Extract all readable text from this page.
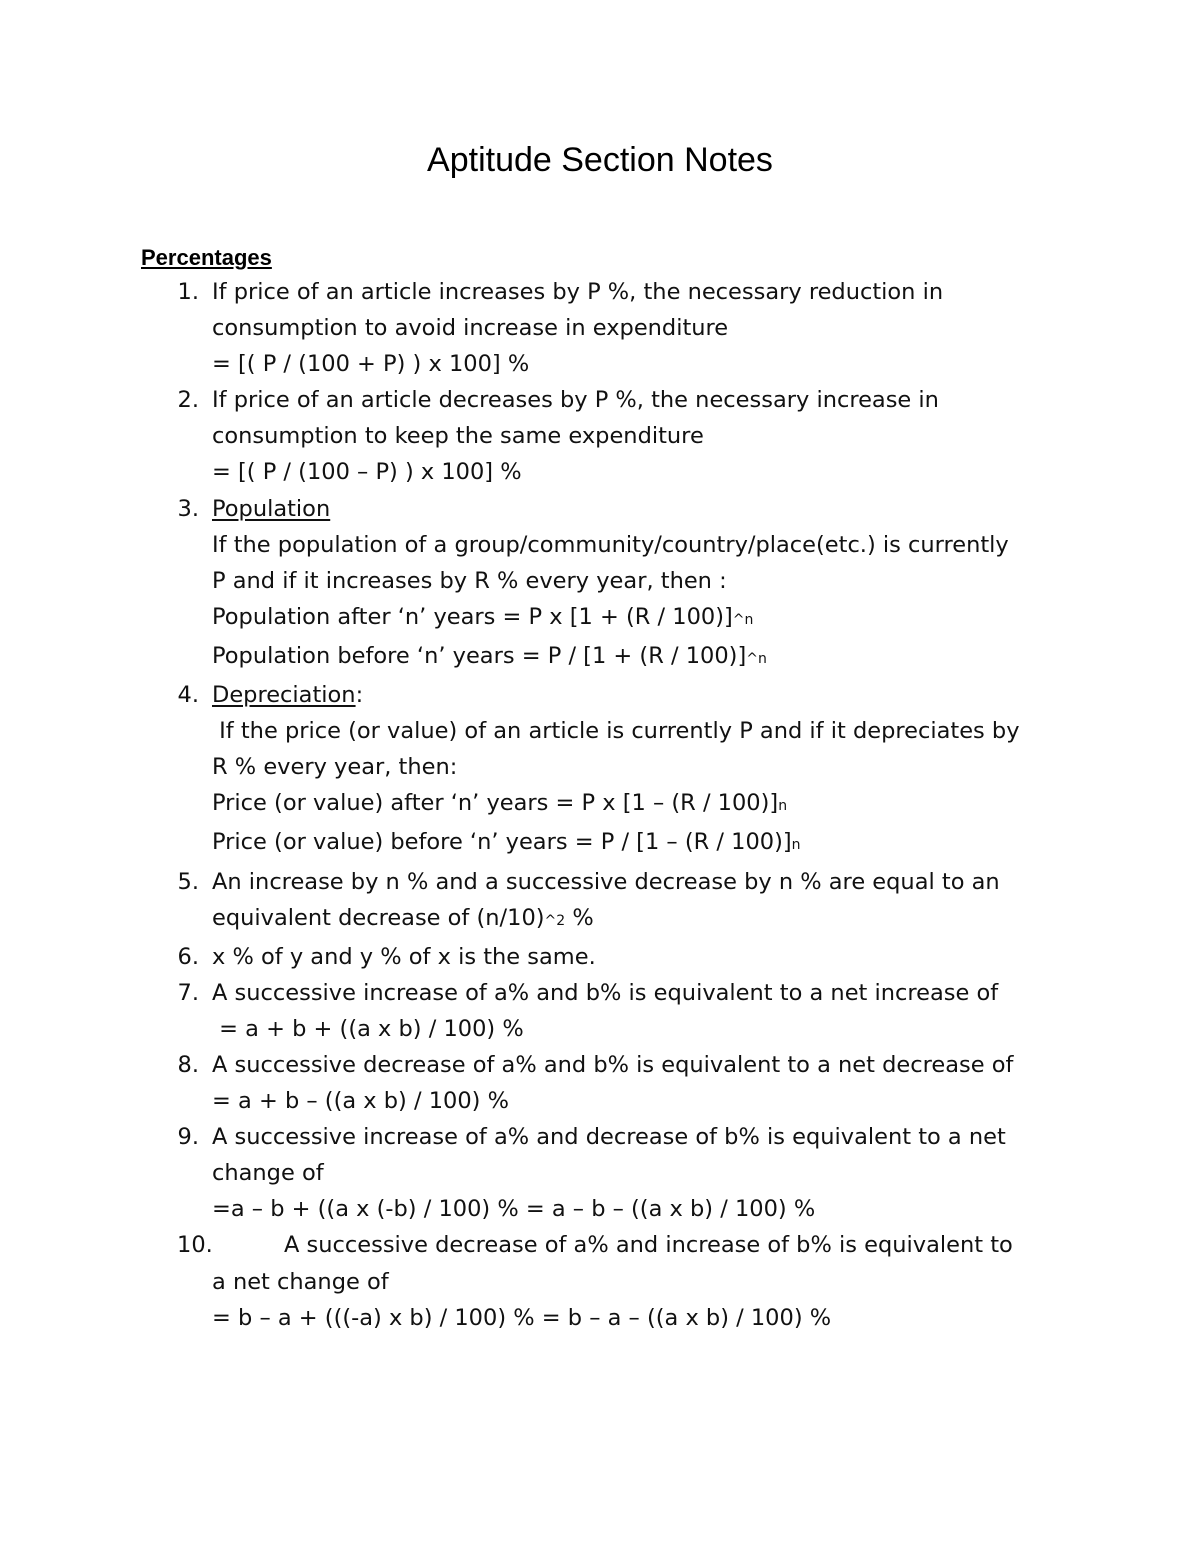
Aptitude Section Notes
Percentages
1. If price of an article increases by P %, the necessary reduction in
consumption to avoid increase in expenditure
= [( P / (100 + P) ) x 100] %
2. If price of an article decreases by P %, the necessary increase in
consumption to keep the same expenditure
= [( P / (100 – P) ) x 100] %
3. Population
If the population of a group/community/country/place(etc.) is currently
P and if it increases by R % every year, then :
Population after ‘n’ years = P x [1 + (R / 100)]^n
Population before ‘n’ years = P / [1 + (R / 100)]^n
4. Depreciation:
If the price (or value) of an article is currently P and if it depreciates by
R % every year, then:
Price (or value) after ‘n’ years = P x [1 – (R / 100)]n
Price (or value) before ‘n’ years = P / [1 – (R / 100)]n
5. An increase by n % and a successive decrease by n % are equal to an
equivalent decrease of (n/10)^2 %
6. x % of y and y % of x is the same.
7. A successive increase of a% and b% is equivalent to a net increase of
= a + b + ((a x b) / 100) %
8. A successive decrease of a% and b% is equivalent to a net decrease of
= a + b – ((a x b) / 100) %
9. A successive increase of a% and decrease of b% is equivalent to a net
change of
=a – b + ((a x (-b) / 100) % = a – b – ((a x b) / 100) %
10.	A successive decrease of a% and increase of b% is equivalent to
a net change of
= b – a + (((-a) x b) / 100) % = b – a – ((a x b) / 100) %
